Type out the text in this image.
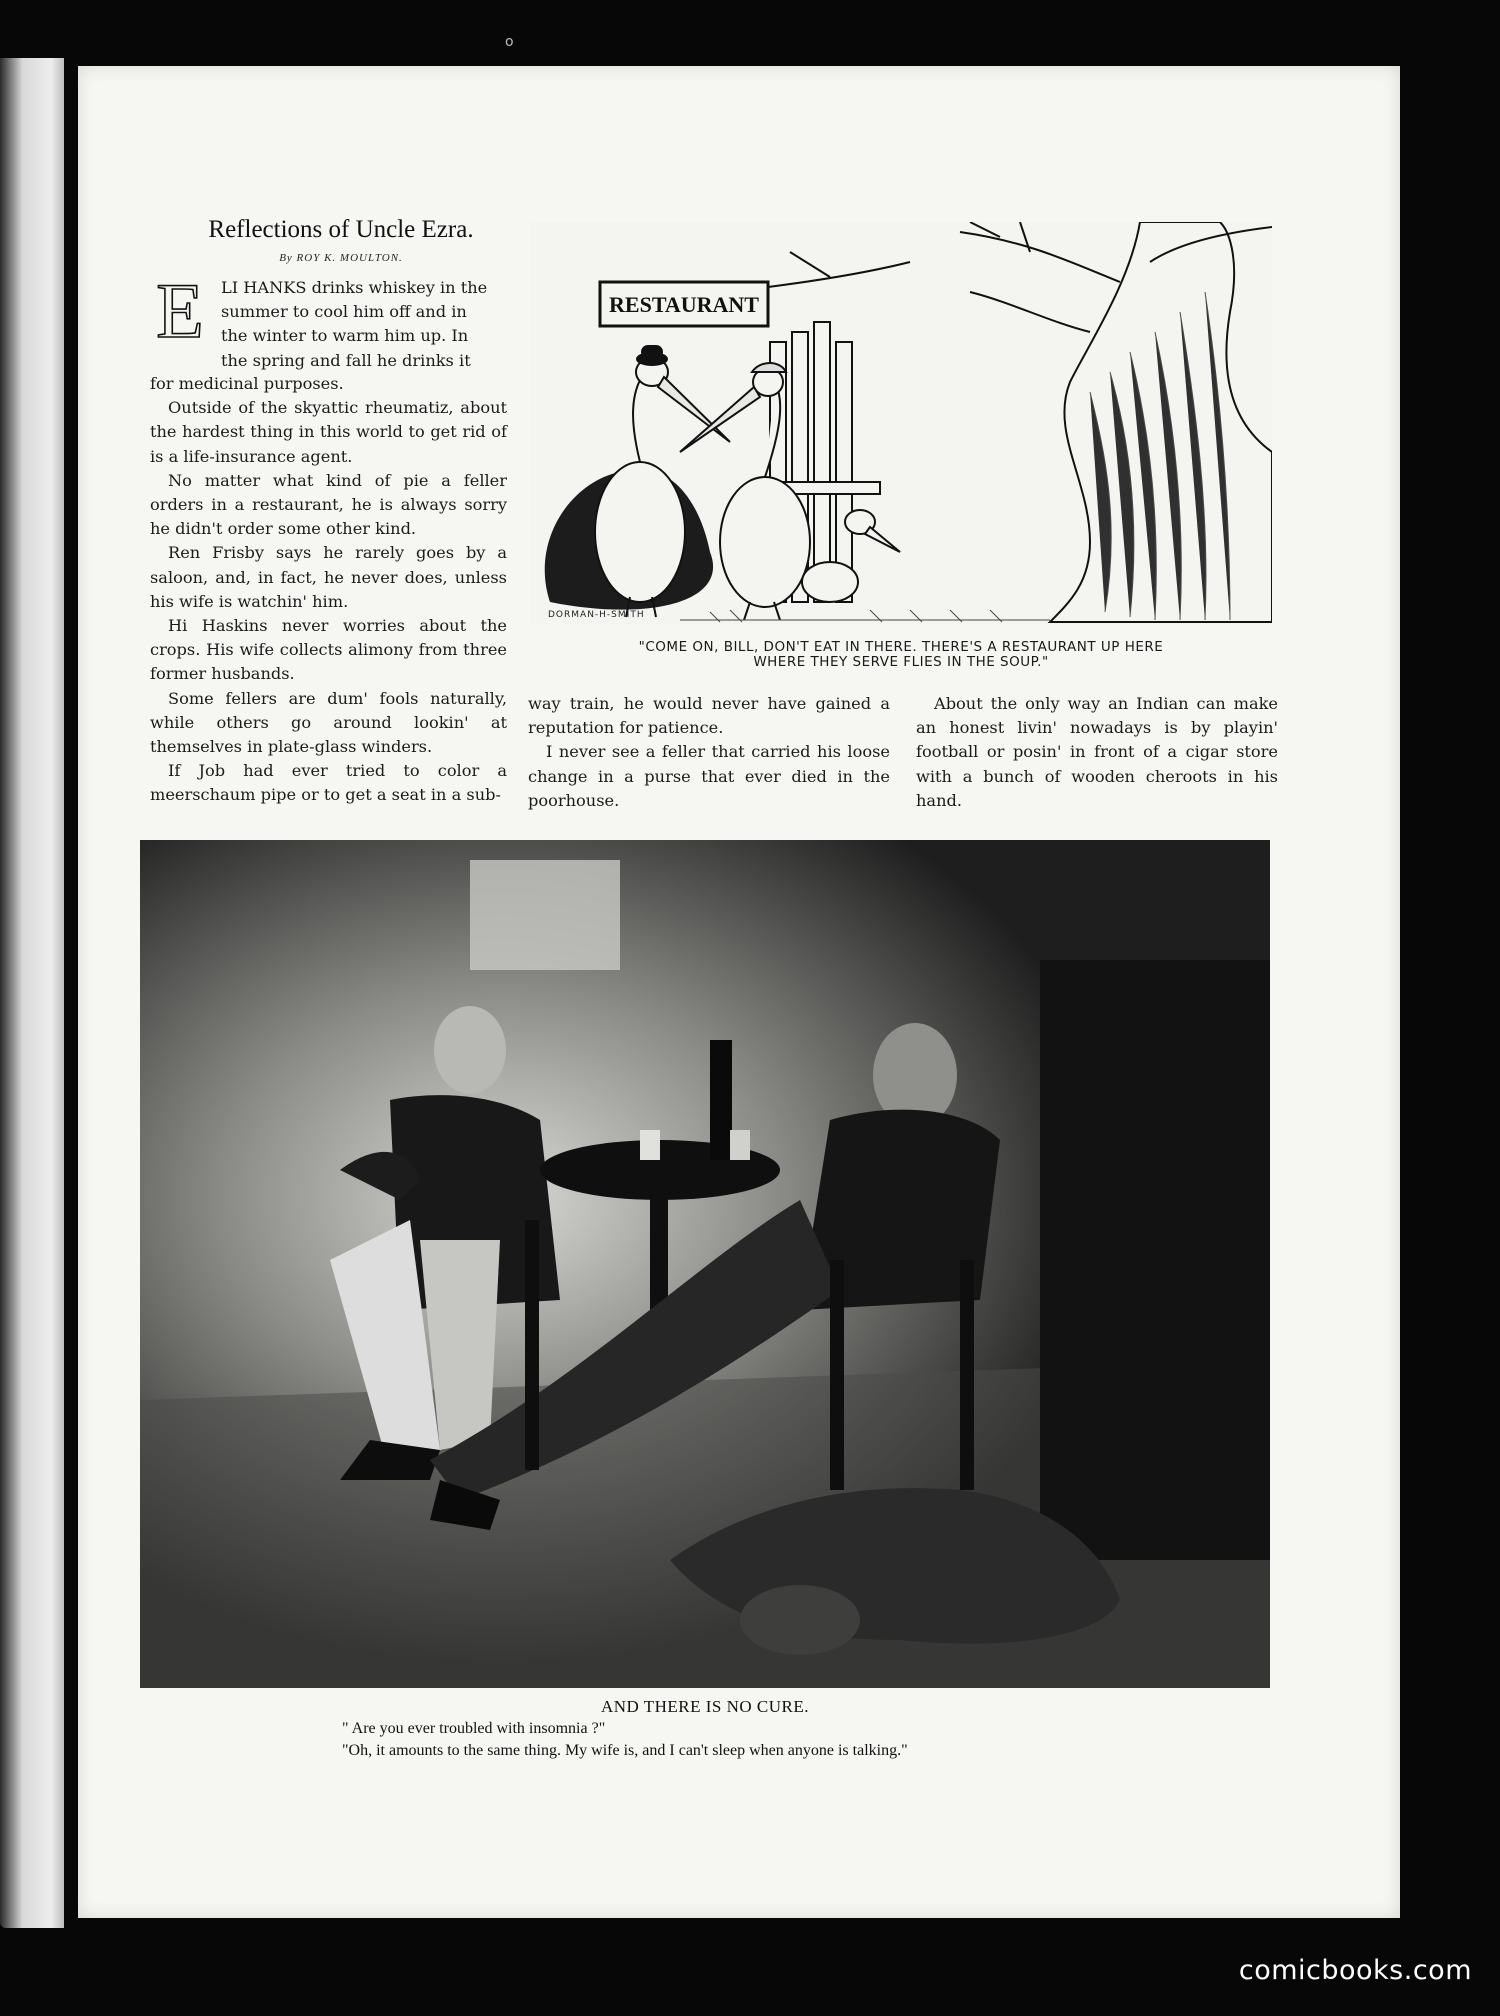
o
Reflections of Uncle Ezra.
By ROY K. MOULTON.
E	LI HANKS drinks whiskey in the

summer to cool him off and in

the winter to warm him up. In

the spring and fall he drinks it

for medicinal purposes.

Outside of the skyattic rheumatiz, about the hardest thing in this world to get rid of is a life-insurance agent.

No matter what kind of pie a feller orders in a restaurant, he is always sorry he didn't order some other kind.

Ren Frisby says he rarely goes by a saloon, and, in fact, he never does, unless his wife is watchin' him.

Hi Haskins never worries about the crops. His wife collects alimony from three former husbands.

Some fellers are dum' fools naturally, while others go around lookin' at themselves in plate-glass winders.

If Job had ever tried to color a meerschaum pipe or to get a seat in a sub-

way train, he would never have gained a reputation for patience.

I never see a feller that carried his loose change in a purse that ever died in the poorhouse.

About the only way an Indian can make an honest livin' nowadays is by playin' football or posin' in front of a cigar store with a bunch of wooden cheroots in his hand.

RESTAURANT
DORMAN-H-SMITH
"COME ON, BILL, DON'T EAT IN THERE. THERE'S A RESTAURANT UP HERE
WHERE THEY SERVE FLIES IN THE SOUP."
AND THERE IS NO CURE.
" Are you ever troubled with insomnia ?"
"Oh, it amounts to the same thing. My wife is, and I can't sleep when anyone is talking."
comicbooks.com
